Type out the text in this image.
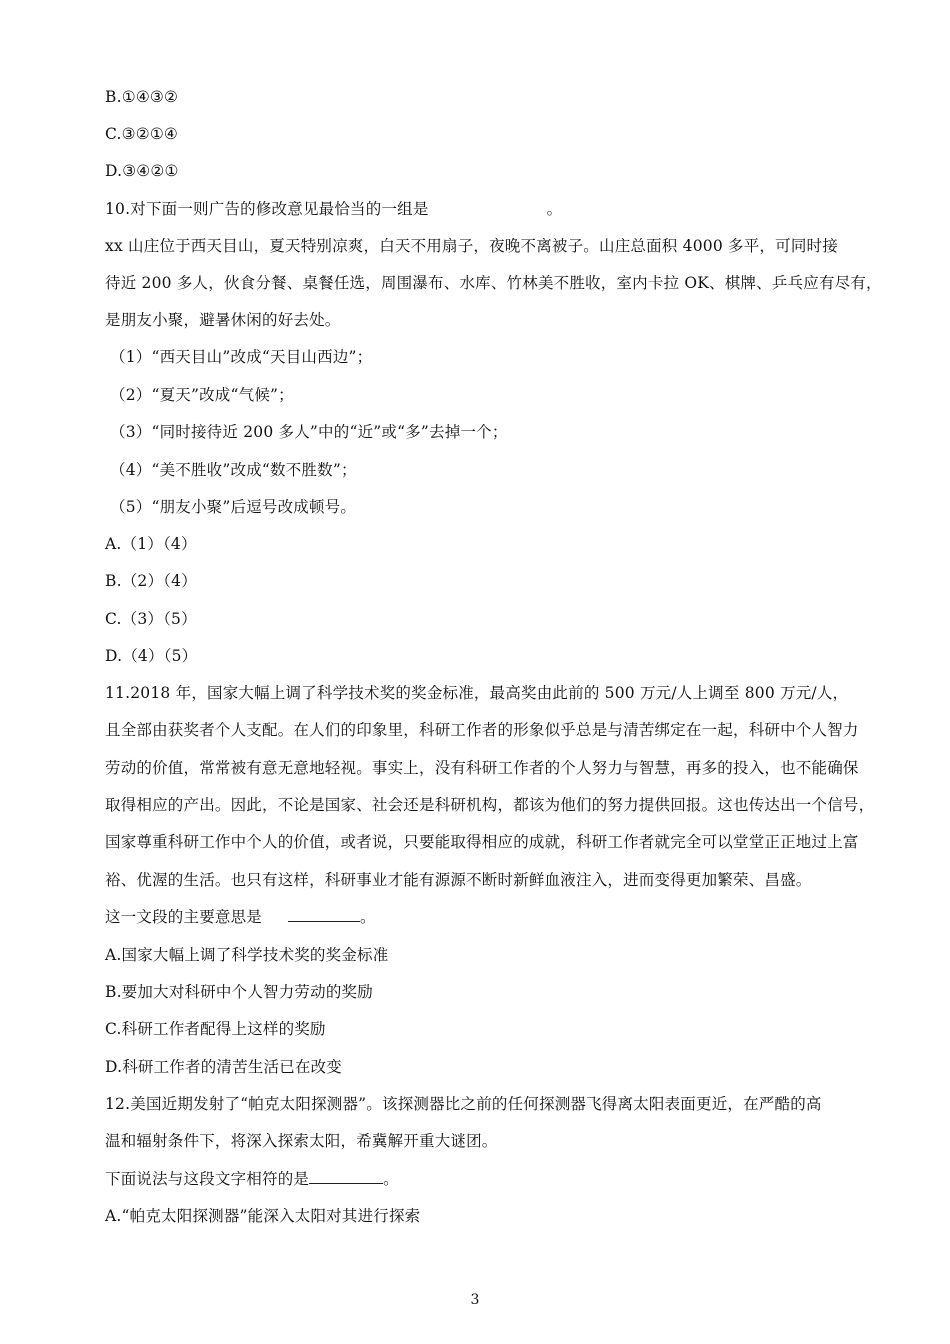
B.①④③②
C.③②①④
D.③④②①
10.对下面一则广告的修改意见最恰当的一组是	。
xx 山庄位于西天目山，夏天特别凉爽，白天不用扇子，夜晚不离被子。山庄总面积 4000 多平，可同时接
待近 200 多人，伙食分餐、桌餐任选，周围瀑布、水库、竹林美不胜收，室内卡拉 OK、棋牌、乒乓应有尽有，
是朋友小聚，避暑休闲的好去处。
（1）“西天目山”改成“天目山西边”；
（2）“夏天”改成“气候”；
（3）“同时接待近 200 多人”中的“近”或“多”去掉一个；
（4）“美不胜收”改成“数不胜数”；
（5）“朋友小聚”后逗号改成顿号。
A.（1）（4）
B.（2）（4）
C.（3）（5）
D.（4）（5）
11.2018 年，国家大幅上调了科学技术奖的奖金标准，最高奖由此前的 500 万元/人上调至 800 万元/人，
且全部由获奖者个人支配。在人们的印象里，科研工作者的形象似乎总是与清苦绑定在一起，科研中个人智力
劳动的价值，常常被有意无意地轻视。事实上，没有科研工作者的个人努力与智慧，再多的投入，也不能确保
取得相应的产出。因此，不论是国家、社会还是科研机构，都该为他们的努力提供回报。这也传达出一个信号，
国家尊重科研工作中个人的价值，或者说，只要能取得相应的成就，科研工作者就完全可以堂堂正正地过上富
裕、优渥的生活。也只有这样，科研事业才能有源源不断时新鲜血液注入，进而变得更加繁荣、昌盛。
这一文段的主要意思是	。
A.国家大幅上调了科学技术奖的奖金标准
B.要加大对科研中个人智力劳动的奖励
C.科研工作者配得上这样的奖励
D.科研工作者的清苦生活已在改变
12.美国近期发射了“帕克太阳探测器”。该探测器比之前的任何探测器飞得离太阳表面更近，在严酷的高
温和辐射条件下，将深入探索太阳，希冀解开重大谜团。
下面说法与这段文字相符的是	。
A.“帕克太阳探测器”能深入太阳对其进行探索
3
